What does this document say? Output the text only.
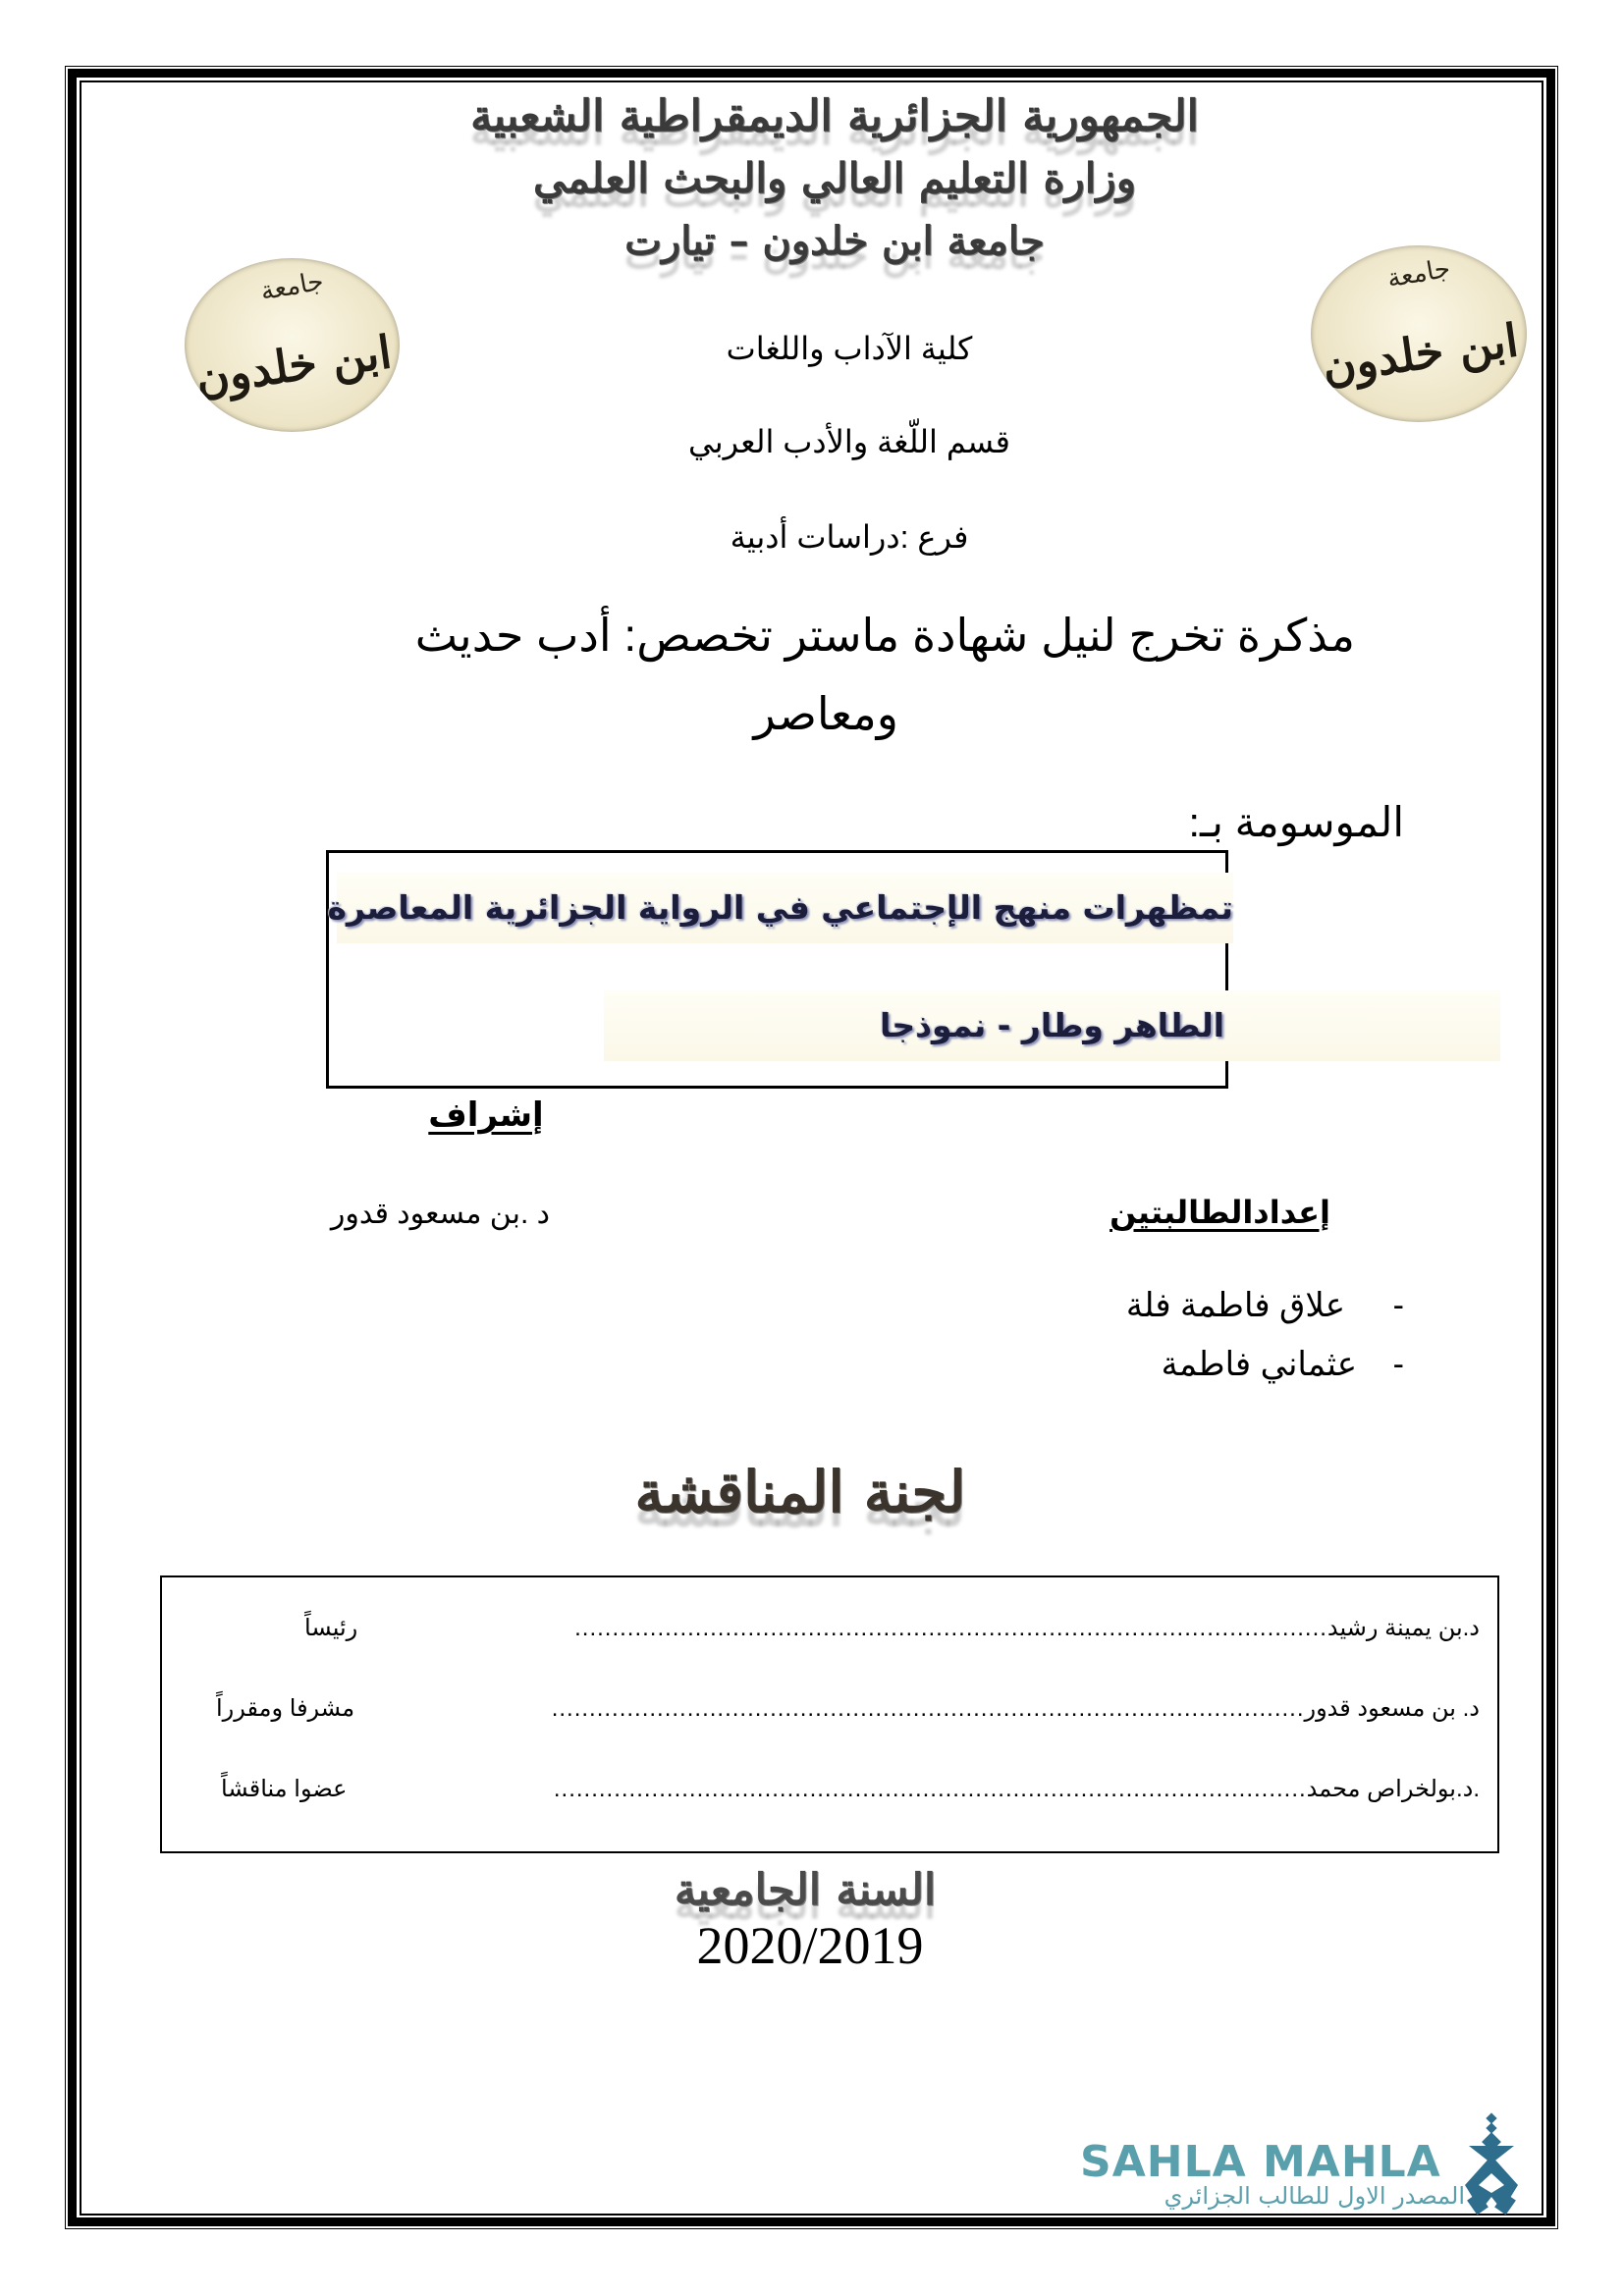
الجمهورية الجزائرية الديمقراطية الشعبية
وزارة التعليم العالي والبحث العلمي
جامعة ابن خلدون – تيارت
جامعة
ابن خلدون
جامعة
ابن خلدون
كلية الآداب واللغات
قسم اللّغة والأدب العربي
فرع :دراسات أدبية
مذكرة تخرج لنيل شهادة ماستر تخصص: أدب حديث
ومعاصر
الموسومة بـ:
تمظهرات منهج الإجتماعي في الرواية الجزائرية المعاصرة
الطاهر وطار - نموذجا
إشراف
د .بن مسعود قدور	إعدادالطالبتين
-
علاق فاطمة فلة
-
عثماني فاطمة
لجنة المناقشة
د.بن يمينة رشيد
....................................................................................................
رئيساً
د. بن مسعود قدور
....................................................................................................
مشرفا ومقرراً
.د.بولخراص محمد
....................................................................................................
عضوا مناقشاً
السنة الجامعية
2020/2019
SAHLA MAHLA
المصدر الاول للطالب الجزائري
